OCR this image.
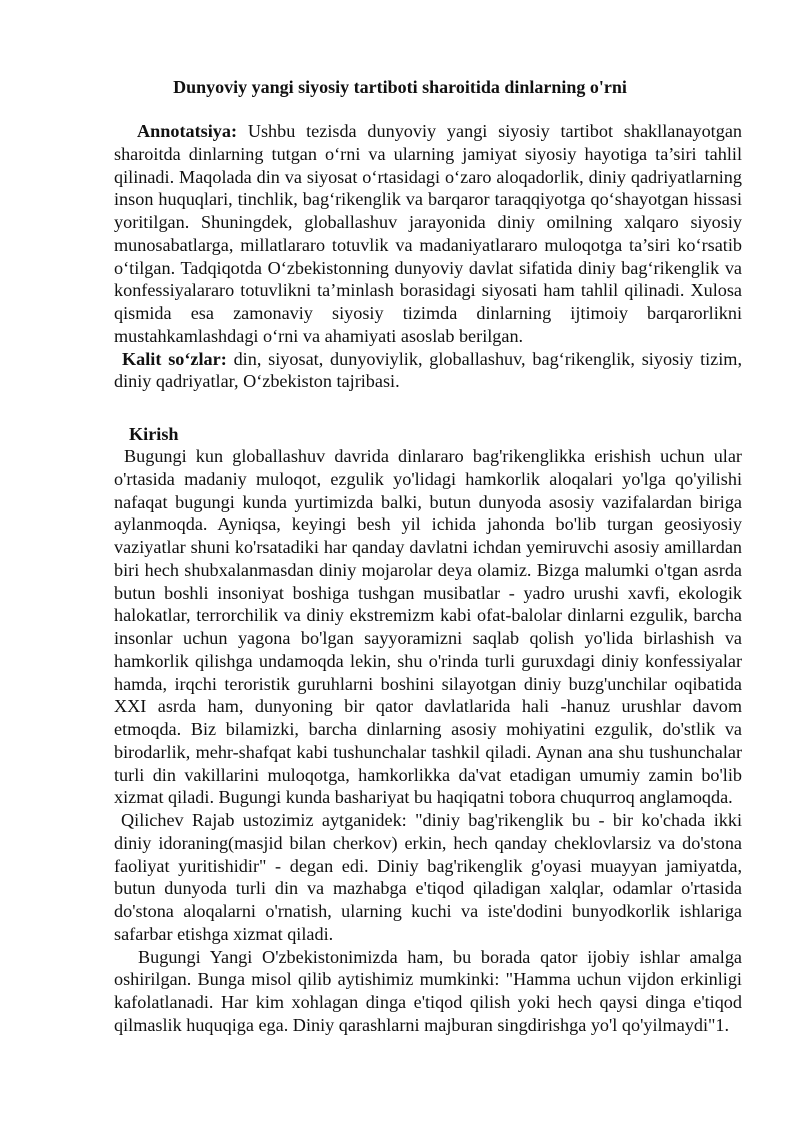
Dunyoviy yangi siyosiy tartiboti sharoitida dinlarning o'rni

Annotatsiya: Ushbu tezisda dunyoviy yangi siyosiy tartibot shakllanayotgan sharoitda dinlarning tutgan o‘rni va ularning jamiyat siyosiy hayotiga ta’siri tahlil qilinadi. Maqolada din va siyosat o‘rtasidagi o‘zaro aloqadorlik, diniy qadriyatlarning inson huquqlari, tinchlik, bag‘rikenglik va barqaror taraqqiyotga qo‘shayotgan hissasi yoritilgan. Shuningdek, globallashuv jarayonida diniy omilning xalqaro siyosiy munosabatlarga, millatlararo totuvlik va madaniyatlararo muloqotga ta’siri ko‘rsatib o‘tilgan. Tadqiqotda O‘zbekistonning dunyoviy davlat sifatida diniy bag‘rikenglik va konfessiyalararo totuvlikni ta’minlash borasidagi siyosati ham tahlil qilinadi. Xulosa qismida esa zamonaviy siyosiy tizimda dinlarning ijtimoiy barqarorlikni mustahkamlashdagi o‘rni va ahamiyati asoslab berilgan.

Kalit so‘zlar: din, siyosat, dunyoviylik, globallashuv, bag‘rikenglik, siyosiy tizim, diniy qadriyatlar, O‘zbekiston tajribasi.

Kirish

Bugungi kun globallashuv davrida dinlararo bag'rikenglikka erishish uchun ular o'rtasida madaniy muloqot, ezgulik yo'lidagi hamkorlik aloqalari yo'lga qo'yilishi nafaqat bugungi kunda yurtimizda balki, butun dunyoda asosiy vazifalardan biriga aylanmoqda. Ayniqsa, keyingi besh yil ichida jahonda bo'lib turgan geosiyosiy vaziyatlar shuni ko'rsatadiki har qanday davlatni ichdan yemiruvchi asosiy amillardan biri hech shubxalanmasdan diniy mojarolar deya olamiz. Bizga malumki o'tgan asrda butun boshli insoniyat boshiga tushgan musibatlar - yadro urushi xavfi, ekologik halokatlar, terrorchilik va diniy ekstremizm kabi ofat-balolar dinlarni ezgulik, barcha insonlar uchun yagona bo'lgan sayyoramizni saqlab qolish yo'lida birlashish va hamkorlik qilishga undamoqda lekin, shu o'rinda turli guruxdagi diniy konfessiyalar hamda, irqchi teroristik guruhlarni boshini silayotgan diniy buzg'unchilar oqibatida XXI asrda ham, dunyoning bir qator davlatlarida hali -hanuz urushlar davom etmoqda. Biz bilamizki, barcha dinlarning asosiy mohiyatini ezgulik, do'stlik va birodarlik, mehr-shafqat kabi tushunchalar tashkil qiladi. Aynan ana shu tushunchalar turli din vakillarini muloqotga, hamkorlikka da'vat etadigan umumiy zamin bo'lib xizmat qiladi. Bugungi kunda bashariyat bu haqiqatni tobora chuqurroq anglamoqda.

Qilichev Rajab ustozimiz aytganidek: "diniy bag'rikenglik bu - bir ko'chada ikki diniy idoraning(masjid bilan cherkov) erkin, hech qanday cheklovlarsiz va do'stona faoliyat yuritishidir" - degan edi. Diniy bag'rikenglik g'oyasi muayyan jamiyatda, butun dunyoda turli din va mazhabga e'tiqod qiladigan xalqlar, odamlar o'rtasida do'stona aloqalarni o'rnatish, ularning kuchi va iste'dodini bunyodkorlik ishlariga safarbar etishga xizmat qiladi.

Bugungi Yangi O'zbekistonimizda ham, bu borada qator ijobiy ishlar amalga oshirilgan. Bunga misol qilib aytishimiz mumkinki: "Hamma uchun vijdon erkinligi kafolatlanadi. Har kim xohlagan dinga e'tiqod qilish yoki hech qaysi dinga e'tiqod qilmaslik huquqiga ega. Diniy qarashlarni majburan singdirishga yo'l qo'yilmaydi"1.
